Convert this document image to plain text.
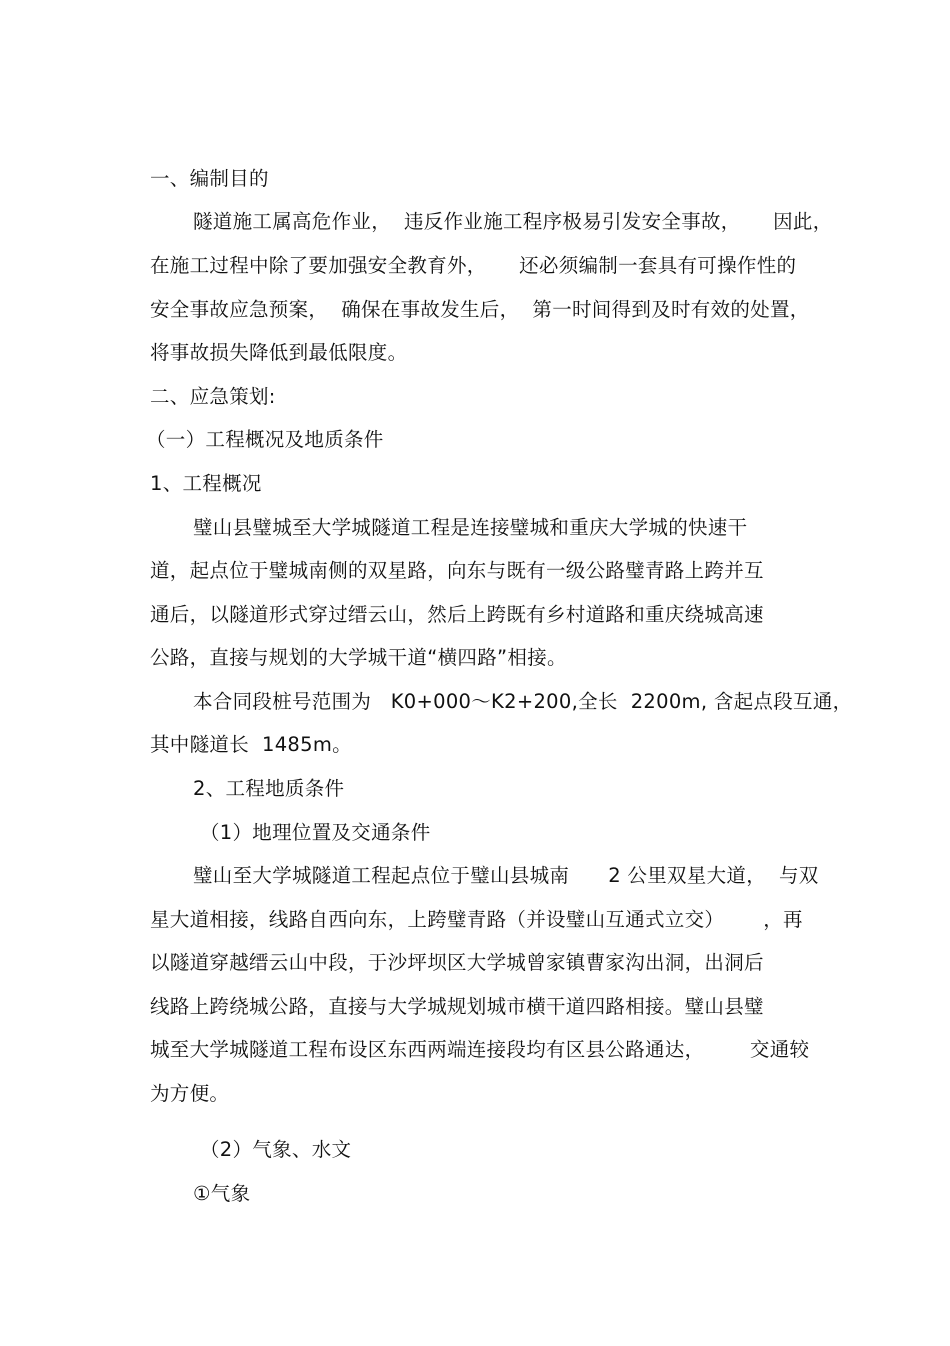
一、编制目的
隧道施工属高危作业，  违反作业施工程序极易引发安全事故，     因此，
在施工过程中除了要加强安全教育外，     还必须编制一套具有可操作性的
安全事故应急预案，  确保在事故发生后，  第一时间得到及时有效的处置，
将事故损失降低到最低限度。
二、应急策划:
（一）工程概况及地质条件
1、工程概况
璧山县璧城至大学城隧道工程是连接璧城和重庆大学城的快速干
道，起点位于璧城南侧的双星路，向东与既有一级公路璧青路上跨并互
通后，以隧道形式穿过缙云山，然后上跨既有乡村道路和重庆绕城高速
公路，直接与规划的大学城干道“横四路”相接。
本合同段桩号范围为   K0+000～K2+200,全长  2200m, 含起点段互通，
其中隧道长  1485m。
2、工程地质条件
（1）地理位置及交通条件
璧山至大学城隧道工程起点位于璧山县城南      2 公里双星大道，  与双
星大道相接，线路自西向东，上跨璧青路（并设璧山互通式立交）      ，再
以隧道穿越缙云山中段，于沙坪坝区大学城曾家镇曹家沟出洞，出洞后
线路上跨绕城公路，直接与大学城规划城市横干道四路相接。璧山县璧
城至大学城隧道工程布设区东西两端连接段均有区县公路通达，       交通较
为方便。
（2）气象、水文
①气象
